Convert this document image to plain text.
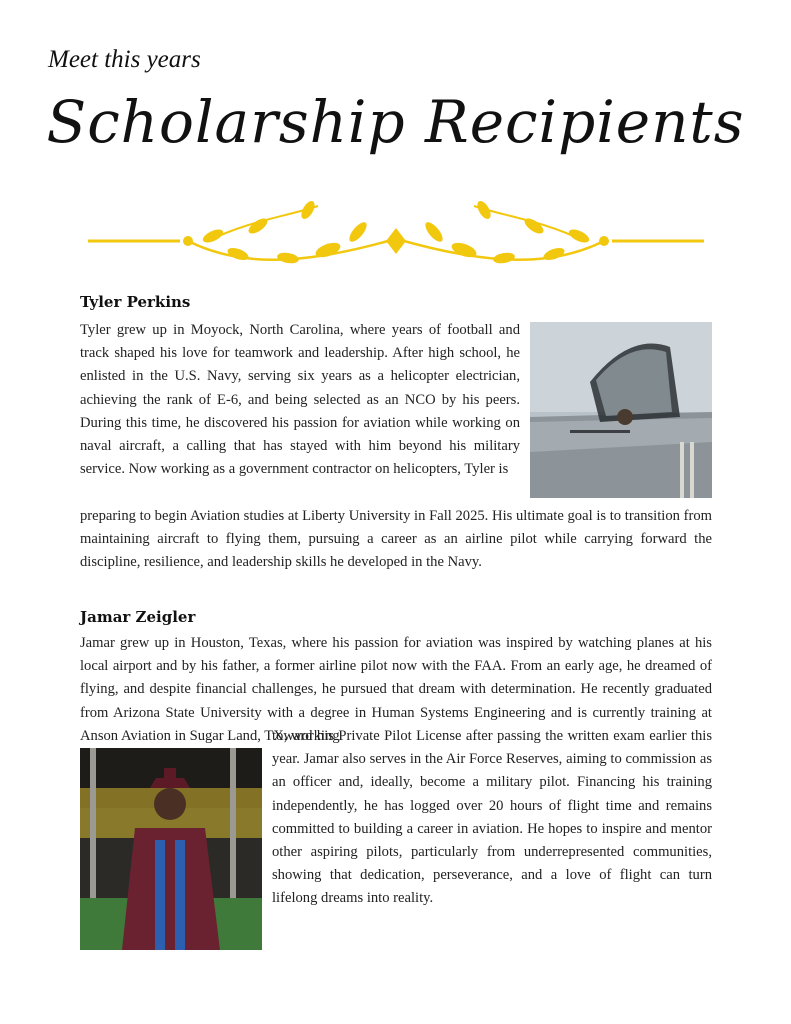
Meet this years
Scholarship Recipients
Tyler Perkins

Tyler grew up in Moyock, North Carolina, where years of football and track shaped his love for teamwork and leadership. After high school, he enlisted in the U.S. Navy, serving six years as a helicopter electrician, achieving the rank of E-6, and being selected as an NCO by his peers. During this time, he discovered his passion for aviation while working on naval aircraft, a calling that has stayed with him beyond his military service. Now working as a government contractor on helicopters, Tyler is

preparing to begin Aviation studies at Liberty University in Fall 2025. His ultimate goal is to transition from maintaining aircraft to flying them, pursuing a career as an airline pilot while carrying forward the discipline, resilience, and leadership skills he developed in the Navy.

Jamar Zeigler

Jamar grew up in Houston, Texas, where his passion for aviation was inspired by watching planes at his local airport and by his father, a former airline pilot now with the FAA. From an early age, he dreamed of flying, and despite financial challenges, he pursued that dream with determination. He recently graduated from Arizona State University with a degree in Human Systems Engineering and is currently training at Anson Aviation in Sugar Land, TX, working

toward his Private Pilot License after passing the written exam earlier this year. Jamar also serves in the Air Force Reserves, aiming to commission as an officer and, ideally, become a military pilot. Financing his training independently, he has logged over 20 hours of flight time and remains committed to building a career in aviation. He hopes to inspire and mentor other aspiring pilots, particularly from underrepresented communities, showing that dedication, perseverance, and a love of flight can turn lifelong dreams into reality.
